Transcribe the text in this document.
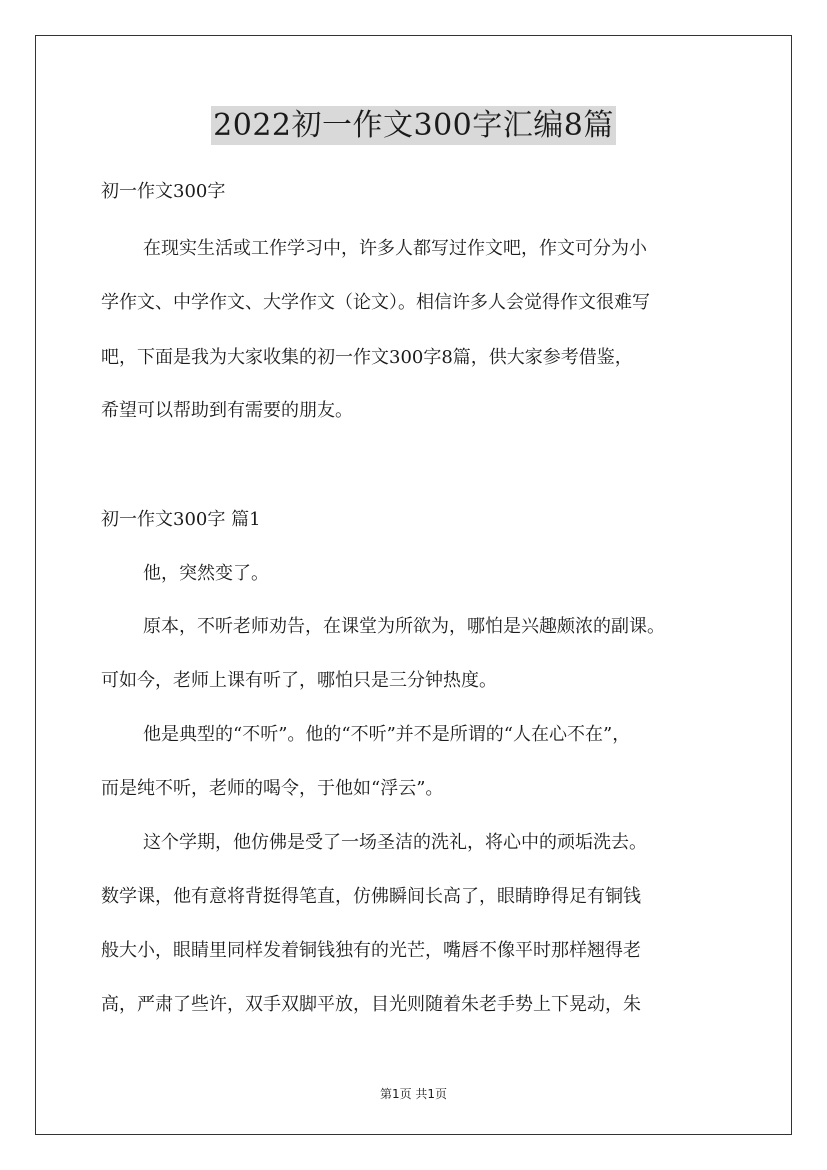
2022初一作文300字汇编8篇
初一作文300字
在现实生活或工作学习中，许多人都写过作文吧，作文可分为小
学作文、中学作文、大学作文（论文）。相信许多人会觉得作文很难写
吧，下面是我为大家收集的初一作文300字8篇，供大家参考借鉴，
希望可以帮助到有需要的朋友。
初一作文300字 篇1
他，突然变了。
原本，不听老师劝告，在课堂为所欲为，哪怕是兴趣颇浓的副课。
可如今，老师上课有听了，哪怕只是三分钟热度。
他是典型的“不听”。他的“不听”并不是所谓的“人在心不在”，
而是纯不听，老师的喝令，于他如“浮云”。
这个学期，他仿佛是受了一场圣洁的洗礼，将心中的顽垢洗去。
数学课，他有意将背挺得笔直，仿佛瞬间长高了，眼睛睁得足有铜钱
般大小，眼睛里同样发着铜钱独有的光芒，嘴唇不像平时那样翘得老
高，严肃了些许，双手双脚平放，目光则随着朱老手势上下晃动，朱
第1页 共1页
